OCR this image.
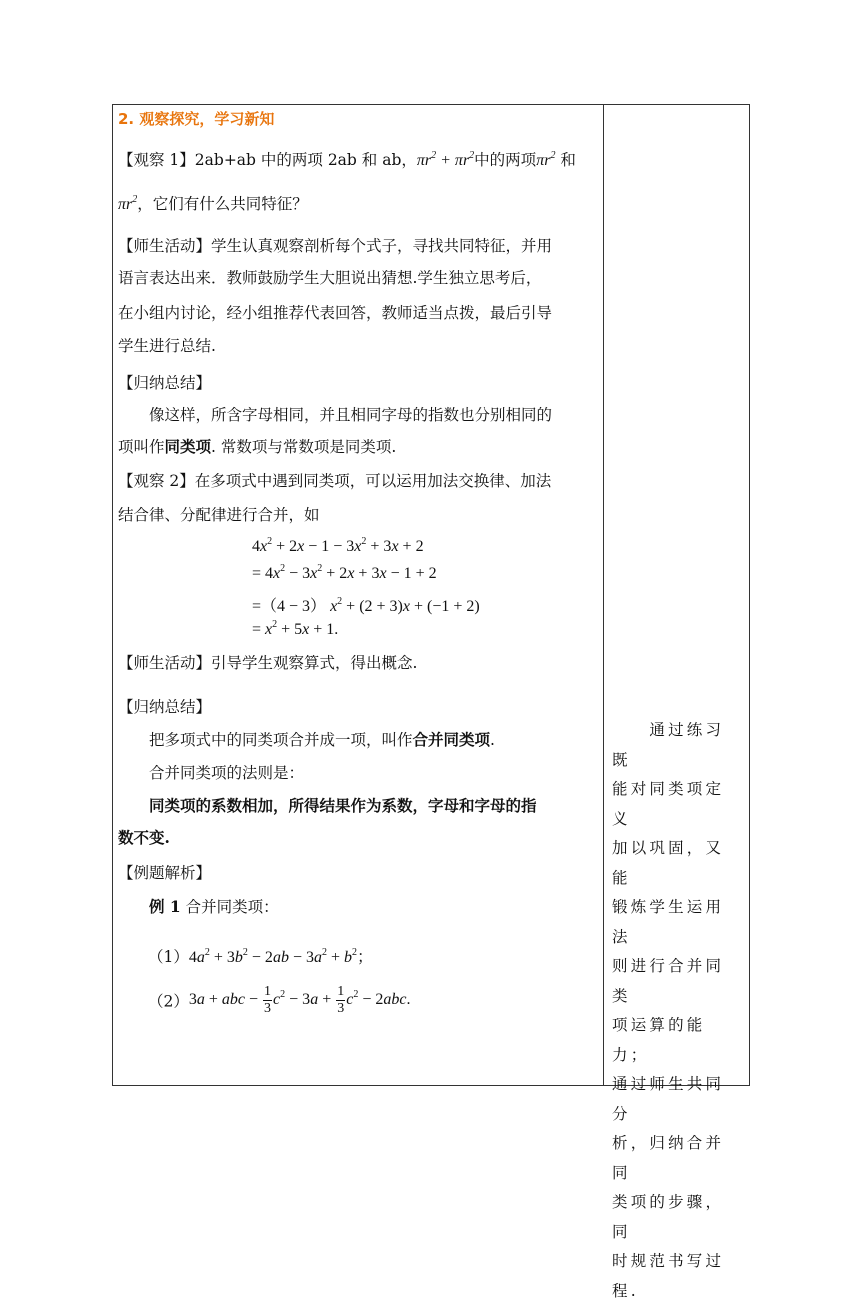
2. 观察探究，学习新知
【观察 1】2ab+ab 中的两项 2ab 和 ab，$\pi r^2 + \pi r^2$中的两项$\pi r^2$ 和
$\pi r^2$，它们有什么共同特征？
【师生活动】学生认真观察剖析每个式子，寻找共同特征，并用
语言表达出来．教师鼓励学生大胆说出猜想.学生独立思考后，
在小组内讨论，经小组推荐代表回答，教师适当点拨，最后引导
学生进行总结.
【归纳总结】
像这样，所含字母相同，并且相同字母的指数也分别相同的
项叫作同类项. 常数项与常数项是同类项.
【观察 2】在多项式中遇到同类项，可以运用加法交换律、加法
结合律、分配律进行合并，如
$4x^2 + 2x - 1 - 3x^2 + 3x + 2$
= $4x^2 - 3x^2 + 2x + 3x - 1 + 2$
=（4 − 3） $x^2 + (2 + 3)x + (-1 + 2)$
= $x^2 + 5x + 1$.
【师生活动】引导学生观察算式，得出概念.
【归纳总结】
把多项式中的同类项合并成一项，叫作合并同类项.
合并同类项的法则是：
同类项的系数相加，所得结果作为系数，字母和字母的指
数不变.
【例题解析】
例 1 合并同类项：
$(1)4a^2 + 3b^2 - 2ab - 3a^2 + b^2$；
（2）3a + abc − $\frac{1}{3} c^2 - 3a + \frac{1}{3} c^2 - 2abc$.
　　通过练习既
能对同类项定义
加以巩固，又能
锻炼学生运用法
则进行合并同类
项运算的能力；
通过师生共同分
析，归纳合并同
类项的步骤，同
时规范书写过
程.
